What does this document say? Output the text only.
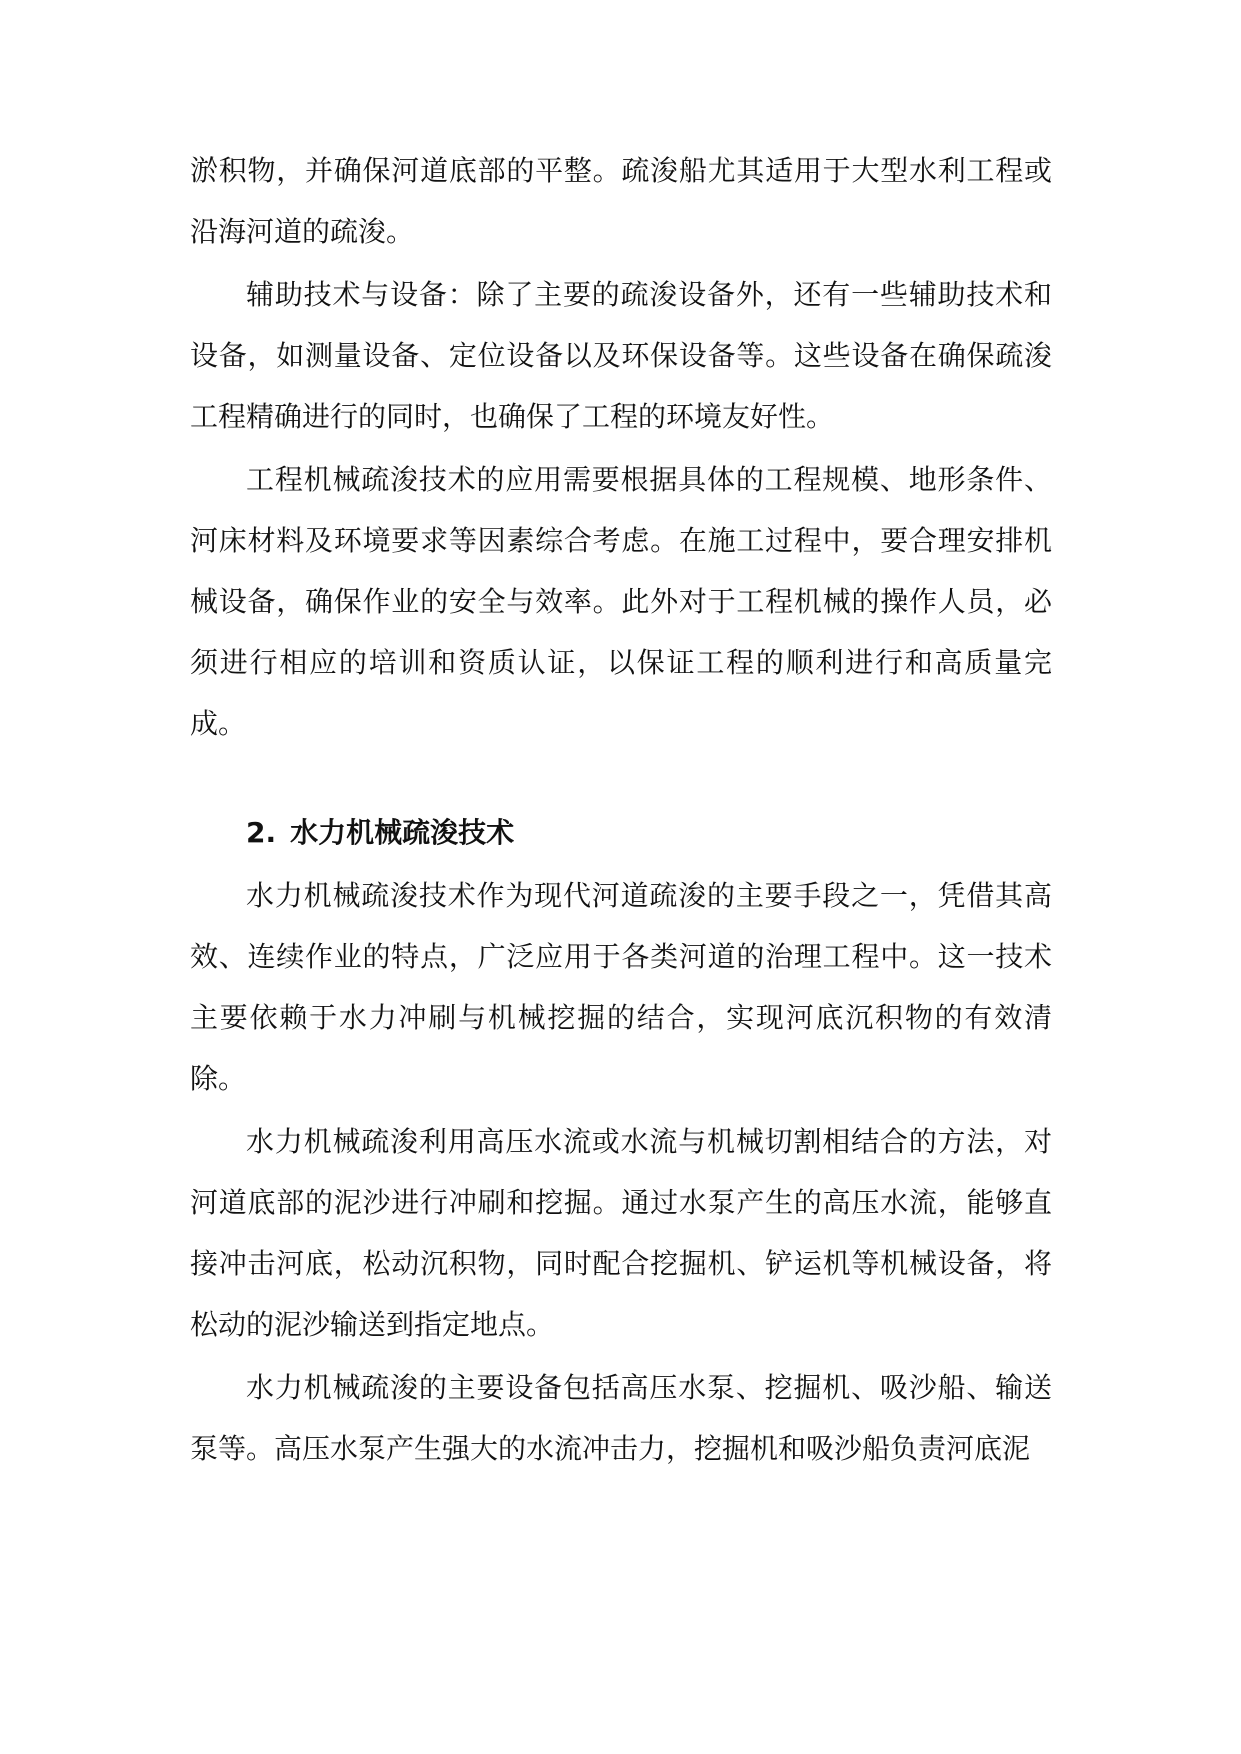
淤积物，并确保河道底部的平整。疏浚船尤其适用于大型水利工程或沿海河道的疏浚。

辅助技术与设备：除了主要的疏浚设备外，还有一些辅助技术和设备，如测量设备、定位设备以及环保设备等。这些设备在确保疏浚工程精确进行的同时，也确保了工程的环境友好性。

工程机械疏浚技术的应用需要根据具体的工程规模、地形条件、河床材料及环境要求等因素综合考虑。在施工过程中，要合理安排机械设备，确保作业的安全与效率。此外对于工程机械的操作人员，必须进行相应的培训和资质认证，以保证工程的顺利进行和高质量完成。

2. 水力机械疏浚技术

水力机械疏浚技术作为现代河道疏浚的主要手段之一，凭借其高效、连续作业的特点，广泛应用于各类河道的治理工程中。这一技术主要依赖于水力冲刷与机械挖掘的结合，实现河底沉积物的有效清除。

水力机械疏浚利用高压水流或水流与机械切割相结合的方法，对河道底部的泥沙进行冲刷和挖掘。通过水泵产生的高压水流，能够直接冲击河底，松动沉积物，同时配合挖掘机、铲运机等机械设备，将松动的泥沙输送到指定地点。

水力机械疏浚的主要设备包括高压水泵、挖掘机、吸沙船、输送泵等。高压水泵产生强大的水流冲击力，挖掘机和吸沙船负责河底泥
